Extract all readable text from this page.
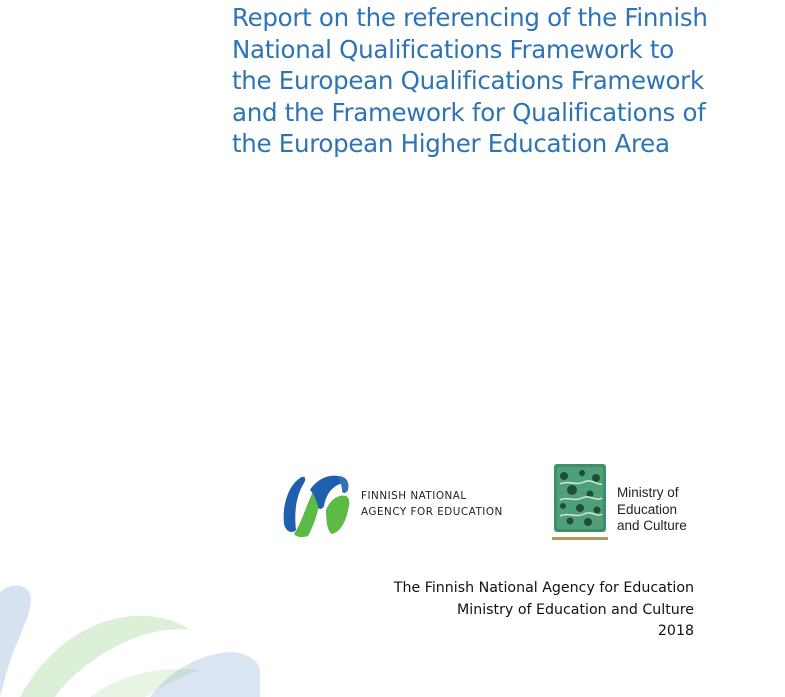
Report on the referencing of the Finnish
National Qualifications Framework to
the European Qualifications Framework
and the Framework for Qualifications of
the European Higher Education Area
FINNISH NATIONAL
AGENCY FOR EDUCATION
Ministry of
Education
and Culture
The Finnish National Agency for Education
Ministry of Education and Culture
2018
